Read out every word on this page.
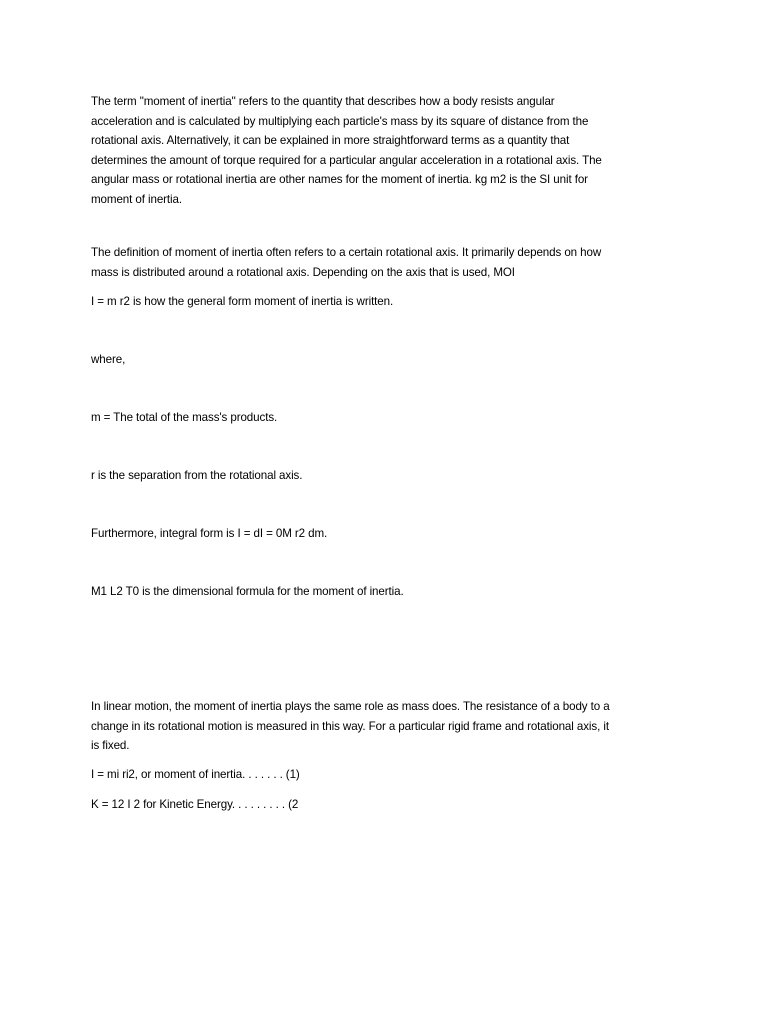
The term "moment of inertia" refers to the quantity that describes how a body resists angular
acceleration and is calculated by multiplying each particle's mass by its square of distance from the
rotational axis. Alternatively, it can be explained in more straightforward terms as a quantity that
determines the amount of torque required for a particular angular acceleration in a rotational axis. The
angular mass or rotational inertia are other names for the moment of inertia. kg m2 is the SI unit for
moment of inertia.

The definition of moment of inertia often refers to a certain rotational axis. It primarily depends on how
mass is distributed around a rotational axis. Depending on the axis that is used, MOI

I = m r2 is how the general form moment of inertia is written.

where,

m = The total of the mass's products.

r is the separation from the rotational axis.

Furthermore, integral form is I = dI = 0M r2 dm.

M1 L2 T0 is the dimensional formula for the moment of inertia.

In linear motion, the moment of inertia plays the same role as mass does. The resistance of a body to a
change in its rotational motion is measured in this way. For a particular rigid frame and rotational axis, it
is fixed.

I = mi ri2, or moment of inertia. . . . . . . (1)

K = 12 I 2 for Kinetic Energy. . . . . . . . . (2
